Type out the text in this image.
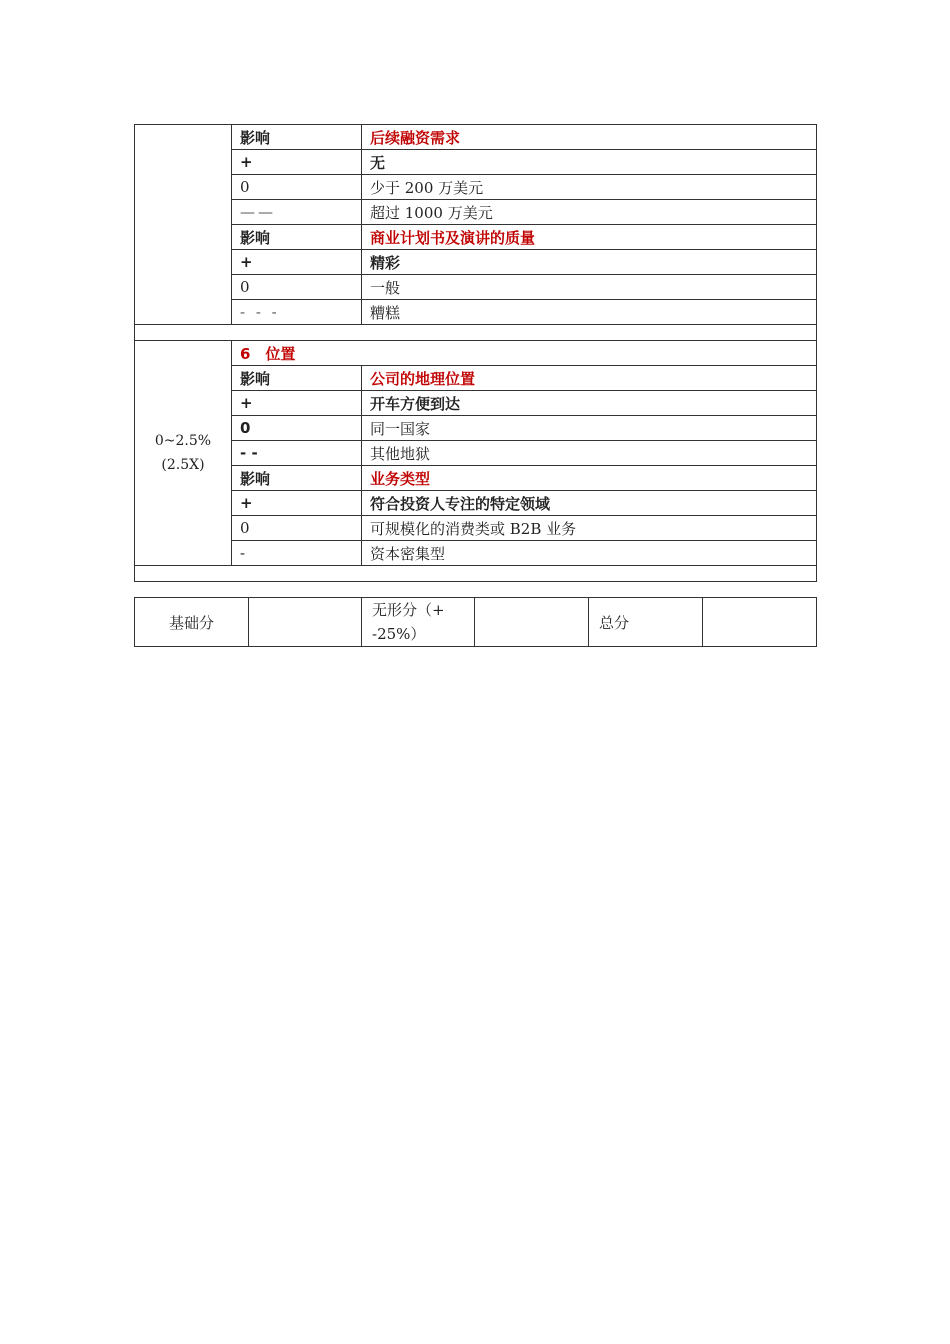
	影响	后续融资需求
	+	无
	0	少于 200 万美元
	——	超过 1000 万美元
	影响	商业计划书及演讲的质量
	+	精彩
	0	一般
	- - -	糟糕

0~2.5%(2.5X)	6　位置	
	影响	公司的地理位置
	+	开车方便到达
	0	同一国家
	- -	其他地狱
	影响	业务类型
	+	符合投资人专注的特定领域
	0	可规模化的消费类或 B2B 业务
	-	资本密集型

基础分		无形分（+ -25%）		总分	
